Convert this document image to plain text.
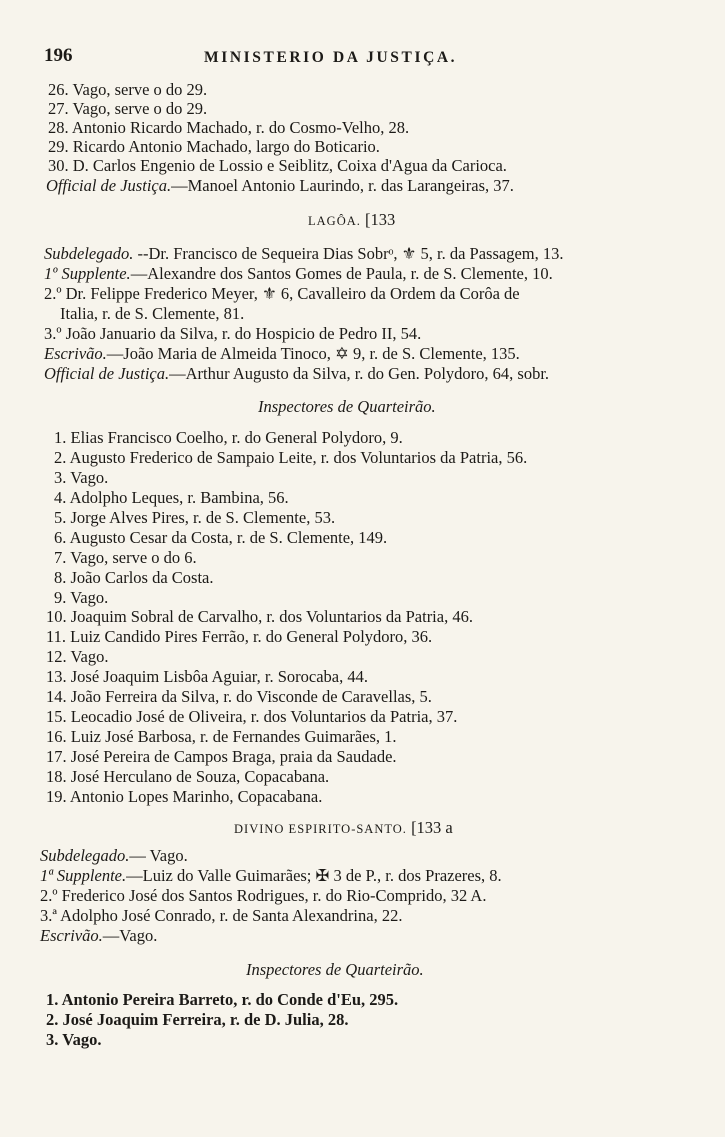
196	MINISTERIO DA JUSTIÇA.
26. Vago, serve o do 29.
27. Vago, serve o do 29.
28. Antonio Ricardo Machado, r. do Cosmo-Velho, 28.
29. Ricardo Antonio Machado, largo do Boticario.
30. D. Carlos Engenio de Lossio e Seiblitz, Coixa d'Agua da Carioca.
Official de Justiça.—Manoel Antonio Laurindo, r. das Larangeiras, 37.
LAGÔA. [133
Subdelegado. --Dr. Francisco de Sequeira Dias Sobrᵒ, ⚜ 5, r. da Passagem, 13.
1º Supplente.—Alexandre dos Santos Gomes de Paula, r. de S. Clemente, 10.
2.º Dr. Felippe Frederico Meyer, ⚜ 6, Cavalleiro da Ordem da Corôa de
Italia, r. de S. Clemente, 81.
3.º João Januario da Silva, r. do Hospicio de Pedro II, 54.
Escrivão.—João Maria de Almeida Tinoco, ✡ 9, r. de S. Clemente, 135.
Official de Justiça.—Arthur Augusto da Silva, r. do Gen. Polydoro, 64, sobr.
Inspectores de Quarteirão.
1. Elias Francisco Coelho, r. do General Polydoro, 9.
2. Augusto Frederico de Sampaio Leite, r. dos Voluntarios da Patria, 56.
3. Vago.
4. Adolpho Leques, r. Bambina, 56.
5. Jorge Alves Pires, r. de S. Clemente, 53.
6. Augusto Cesar da Costa, r. de S. Clemente, 149.
7. Vago, serve o do 6.
8. João Carlos da Costa.
9. Vago.
10. Joaquim Sobral de Carvalho, r. dos Voluntarios da Patria, 46.
11. Luiz Candido Pires Ferrão, r. do General Polydoro, 36.
12. Vago.
13. José Joaquim Lisbôa Aguiar, r. Sorocaba, 44.
14. João Ferreira da Silva, r. do Visconde de Caravellas, 5.
15. Leocadio José de Oliveira, r. dos Voluntarios da Patria, 37.
16. Luiz José Barbosa, r. de Fernandes Guimarães, 1.
17. José Pereira de Campos Braga, praia da Saudade.
18. José Herculano de Souza, Copacabana.
19. Antonio Lopes Marinho, Copacabana.
DIVINO ESPIRITO-SANTO. [133 a
Subdelegado.— Vago.
1ª Supplente.—Luiz do Valle Guimarães; ✠ 3 de P., r. dos Prazeres, 8.
2.º Frederico José dos Santos Rodrigues, r. do Rio-Comprido, 32 A.
3.ª Adolpho José Conrado, r. de Santa Alexandrina, 22.
Escrivão.—Vago.
Inspectores de Quarteirão.
1. Antonio Pereira Barreto, r. do Conde d'Eu, 295.
2. José Joaquim Ferreira, r. de D. Julia, 28.
3. Vago.
